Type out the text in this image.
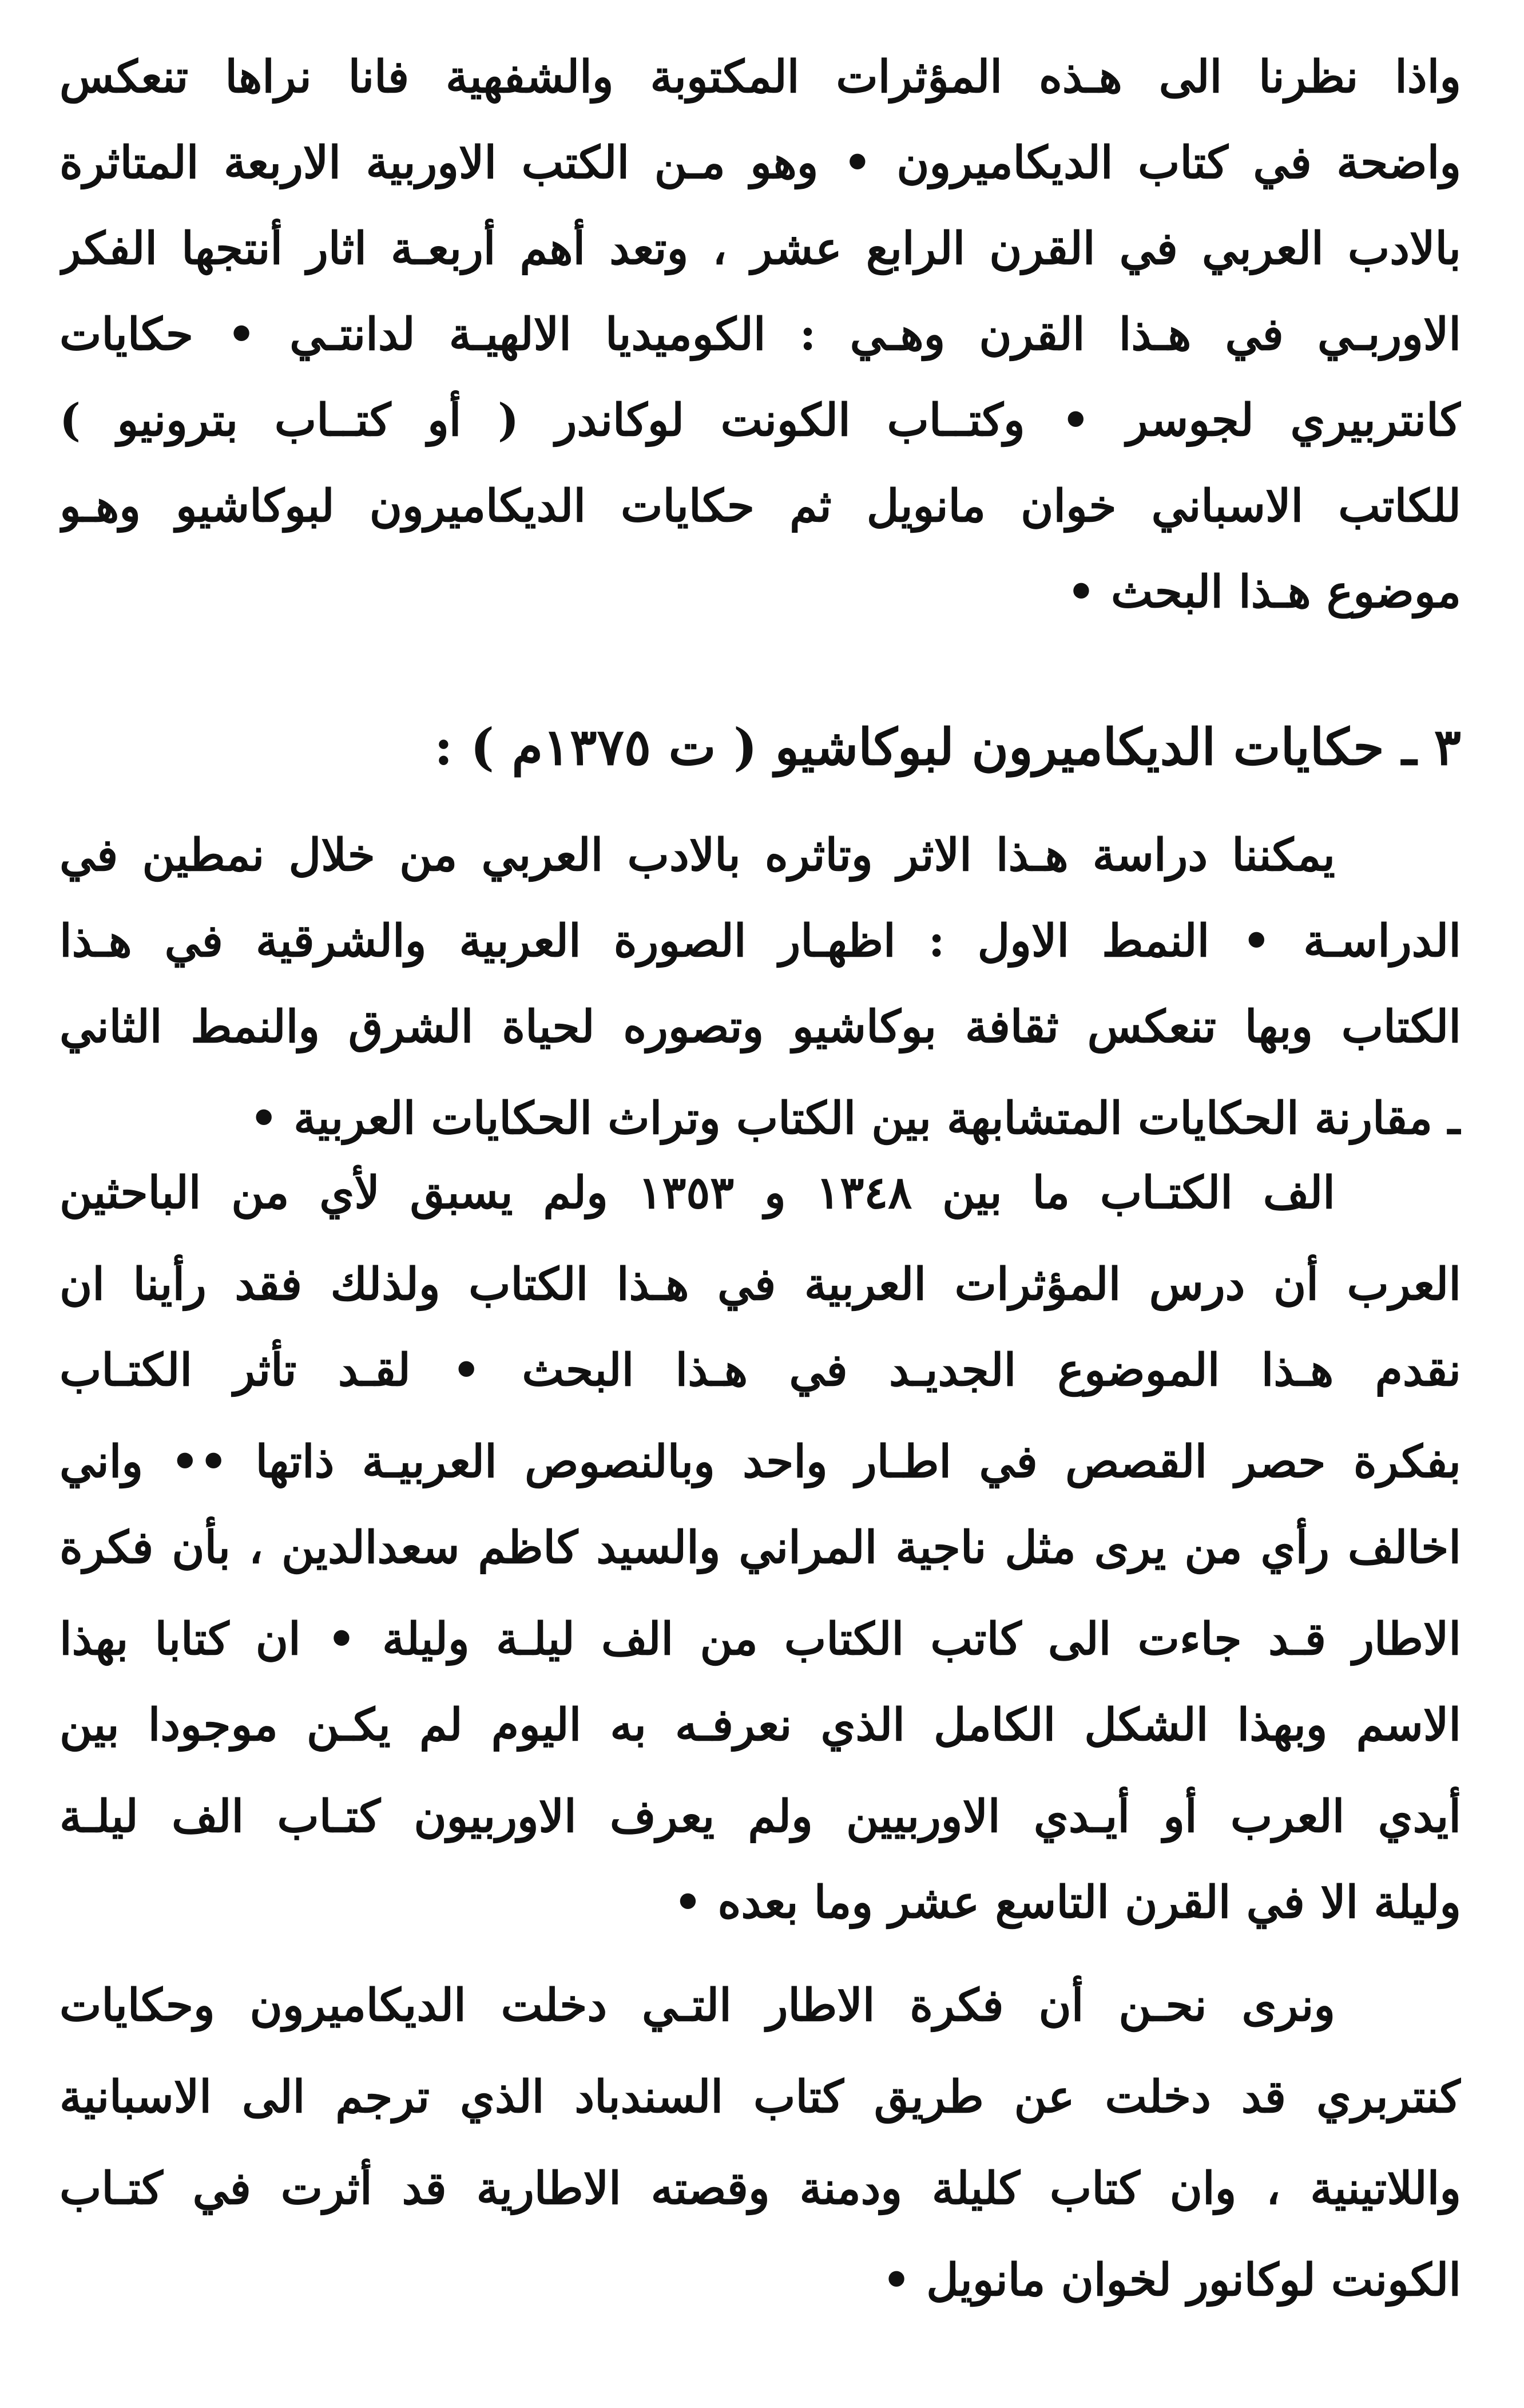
واذا نظرنا الى هـذه المؤثرات المكتوبة والشفهية فانا نراها تنعكس
واضحة في كتاب الديكاميرون • وهو مـن الكتب الاوربية الاربعة المتاثرة
بالادب العربي في القرن الرابع عشر ، وتعد أهم أربعـة اثار أنتجها الفكر
الاوربـي في هـذا القرن وهـي : الكوميديا الالهيـة لدانتـي • حكايات
كانتربيري لجوسر • وكتــاب الكونت لوكاندر ( أو كتــاب بترونيو )
للكاتب الاسباني خوان مانويل ثم حكايات الديكاميرون لبوكاشيو وهـو
موضوع هـذا البحث •
٣ ـ حكايات الديكاميرون لبوكاشيو ( ت ١٣٧٥م ) :
يمكننا دراسة هـذا الاثر وتاثره بالادب العربي من خلال نمطين في
الدراسـة • النمط الاول : اظهـار الصورة العربية والشرقية في هـذا
الكتاب وبها تنعكس ثقافة بوكاشيو وتصوره لحياة الشرق والنمط الثاني
ـ مقارنة الحكايات المتشابهة بين الكتاب وتراث الحكايات العربية •
الف الكتـاب ما بين ١٣٤٨ و ١٣٥٣ ولم يسبق لأي من الباحثين
العرب أن درس المؤثرات العربية في هـذا الكتاب ولذلك فقد رأينا ان
نقدم هـذا الموضوع الجديـد في هـذا البحث • لقـد تأثر الكتـاب
بفكرة حصر القصص في اطـار واحد وبالنصوص العربيـة ذاتها •• واني
اخالف رأي من يرى مثل ناجية المراني والسيد كاظم سعدالدين ، بأن فكرة
الاطار قـد جاءت الى كاتب الكتاب من الف ليلـة وليلة • ان كتابا بهذا
الاسم وبهذا الشكل الكامل الذي نعرفـه به اليوم لم يكـن موجودا بين
أيدي العرب أو أيـدي الاوربيين ولم يعرف الاوربيون كتـاب الف ليلـة
وليلة الا في القرن التاسع عشر وما بعده •
ونرى نحـن أن فكرة الاطار التـي دخلت الديكاميرون وحكايات
كنتربري قد دخلت عن طريق كتاب السندباد الذي ترجم الى الاسبانية
واللاتينية ، وان كتاب كليلة ودمنة وقصته الاطارية قد أثرت في كتـاب
الكونت لوكانور لخوان مانويل •
